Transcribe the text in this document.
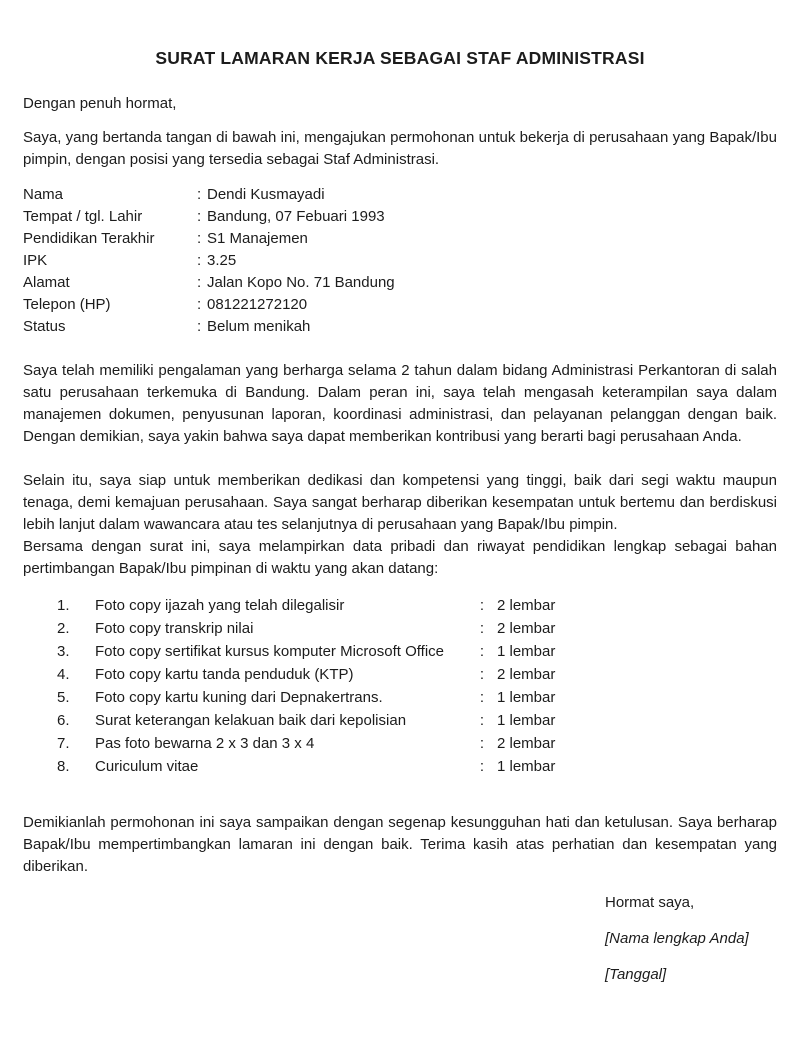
SURAT LAMARAN KERJA SEBAGAI STAF ADMINISTRASI

Dengan penuh hormat,

Saya, yang bertanda tangan di bawah ini, mengajukan permohonan untuk bekerja di perusahaan yang Bapak/Ibu pimpin, dengan posisi yang tersedia sebagai Staf Administrasi.

Nama	: Dendi Kusmayadi
Tempat / tgl. Lahir	: Bandung, 07 Febuari 1993
Pendidikan Terakhir	: S1 Manajemen
IPK	: 3.25
Alamat	: Jalan Kopo No. 71 Bandung
Telepon (HP)	: 081221272120
Status	: Belum menikah

Saya telah memiliki pengalaman yang berharga selama 2 tahun dalam bidang Administrasi Perkantoran di salah satu perusahaan terkemuka di Bandung. Dalam peran ini, saya telah mengasah keterampilan saya dalam manajemen dokumen, penyusunan laporan, koordinasi administrasi, dan pelayanan pelanggan dengan baik. Dengan demikian, saya yakin bahwa saya dapat memberikan kontribusi yang berarti bagi perusahaan Anda.

Selain itu, saya siap untuk memberikan dedikasi dan kompetensi yang tinggi, baik dari segi waktu maupun tenaga, demi kemajuan perusahaan. Saya sangat berharap diberikan kesempatan untuk bertemu dan berdiskusi lebih lanjut dalam wawancara atau tes selanjutnya di perusahaan yang Bapak/Ibu pimpin.

Bersama dengan surat ini, saya melampirkan data pribadi dan riwayat pendidikan lengkap sebagai bahan pertimbangan Bapak/Ibu pimpinan di waktu yang akan datang:

1.	Foto copy ijazah yang telah dilegalisir	: 2 lembar
2.	Foto copy transkrip nilai	: 2 lembar
3.	Foto copy sertifikat kursus komputer Microsoft Office	: 1 lembar
4.	Foto copy kartu tanda penduduk (KTP)	: 2 lembar
5.	Foto copy kartu kuning dari Depnakertrans.	: 1 lembar
6.	Surat keterangan kelakuan baik dari kepolisian	: 1 lembar
7.	Pas foto bewarna 2 x 3 dan 3 x 4	: 2 lembar
8.	Curiculum vitae	: 1 lembar

Demikianlah permohonan ini saya sampaikan dengan segenap kesungguhan hati dan ketulusan. Saya berharap Bapak/Ibu mempertimbangkan lamaran ini dengan baik. Terima kasih atas perhatian dan kesempatan yang diberikan.

Hormat saya,

[Nama lengkap Anda]

[Tanggal]
